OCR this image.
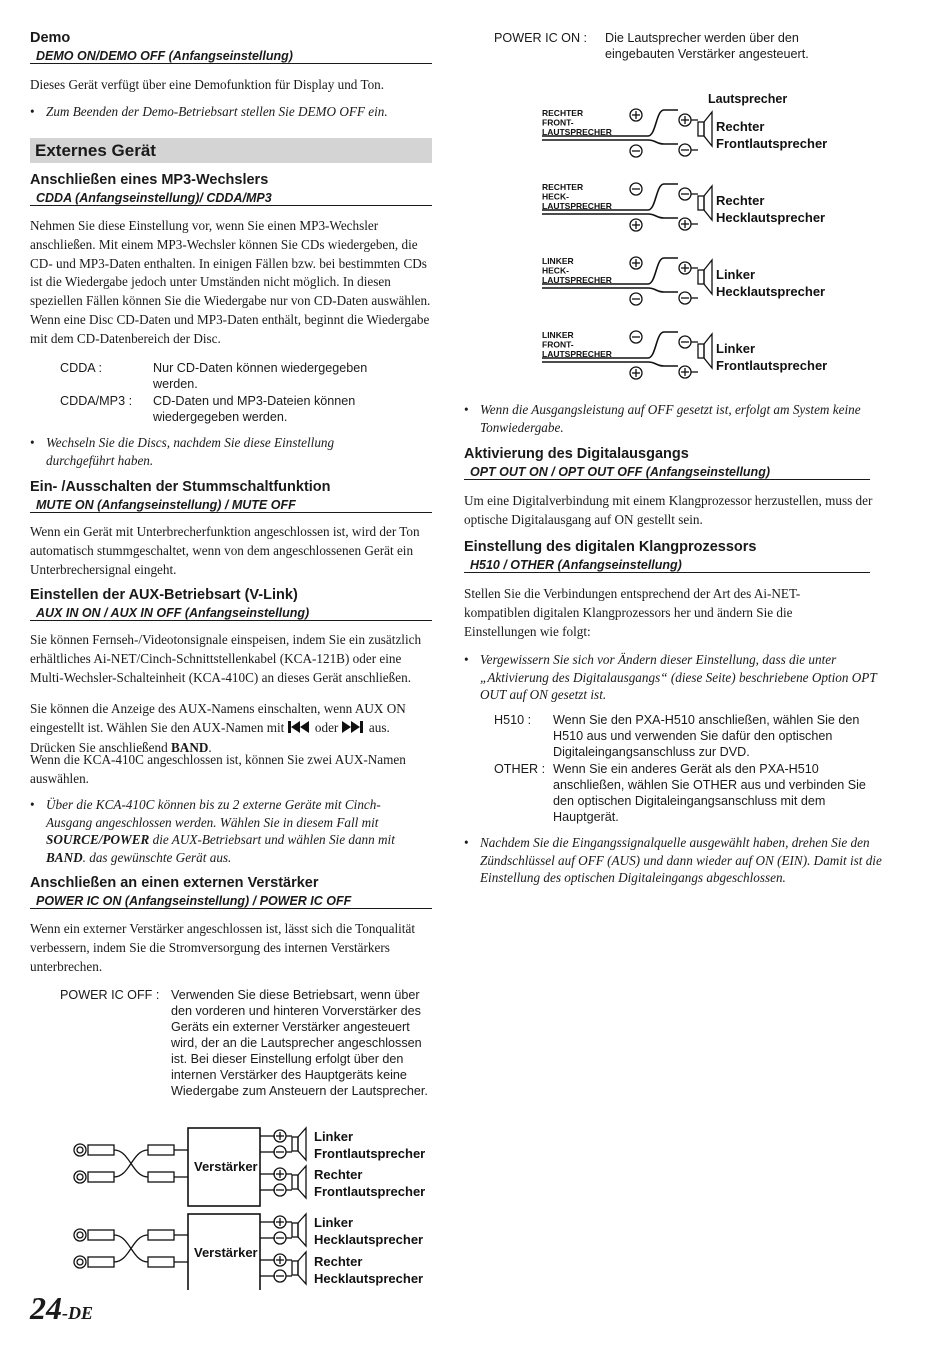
Demo
DEMO ON/DEMO OFF (Anfangseinstellung)
Dieses Gerät verfügt über eine Demofunktion für Display und Ton.
• Zum Beenden der Demo-Betriebsart stellen Sie DEMO OFF ein.
Externes Gerät
Anschließen eines MP3-Wechslers
CDDA (Anfangseinstellung)/ CDDA/MP3
Nehmen Sie diese Einstellung vor, wenn Sie einen MP3-Wechsler anschließen. Mit einem MP3-Wechsler können Sie CDs wiedergeben, die CD- und MP3-Daten enthalten. In einigen Fällen bzw. bei bestimmten CDs ist die Wiedergabe jedoch unter Umständen nicht möglich. In diesen speziellen Fällen können Sie die Wiedergabe nur von CD-Daten auswählen. Wenn eine Disc CD-Daten und MP3-Daten enthält, beginnt die Wiedergabe mit dem CD-Datenbereich der Disc.
CDDA :	Nur CD-Daten können wiedergegeben werden.
CDDA/MP3 : CD-Daten und MP3-Dateien können wiedergegeben werden.
• Wechseln Sie die Discs, nachdem Sie diese Einstellung durchgeführt haben.
Ein- /Ausschalten der Stummschaltfunktion
MUTE ON (Anfangseinstellung) / MUTE OFF
Wenn ein Gerät mit Unterbrecherfunktion angeschlossen ist, wird der Ton automatisch stummgeschaltet, wenn von dem angeschlossenen Gerät ein Unterbrechersignal eingeht.
Einstellen der AUX-Betriebsart (V-Link)
AUX IN ON / AUX IN OFF (Anfangseinstellung)
Sie können Fernseh-/Videotonsignale einspeisen, indem Sie ein zusätzlich erhältliches Ai-NET/Cinch-Schnittstellenkabel (KCA-121B) oder eine Multi-Wechsler-Schalteinheit (KCA-410C) an dieses Gerät anschließen.
Sie können die Anzeige des AUX-Namens einschalten, wenn AUX ON eingestellt ist. Wählen Sie den AUX-Namen mit oder aus. Drücken Sie anschließend BAND.
Wenn die KCA-410C angeschlossen ist, können Sie zwei AUX-Namen auswählen.
• Über die KCA-410C können bis zu 2 externe Geräte mit Cinch-Ausgang angeschlossen werden. Wählen Sie in diesem Fall mit SOURCE/POWER die AUX-Betriebsart und wählen Sie dann mit BAND. das gewünschte Gerät aus.
Anschließen an einen externen Verstärker
POWER IC ON (Anfangseinstellung) / POWER IC OFF
Wenn ein externer Verstärker angeschlossen ist, lässt sich die Tonqualität verbessern, indem Sie die Stromversorgung des internen Verstärkers unterbrechen.
POWER IC OFF : Verwenden Sie diese Betriebsart, wenn über den vorderen und hinteren Vorverstärker des Geräts ein externer Verstärker angesteuert wird, der an die Lautsprecher angeschlossen ist. Bei dieser Einstellung erfolgt über den internen Verstärker des Hauptgeräts keine Wiedergabe zum Ansteuern der Lautsprecher.
Verstärker
Verstärker
Linker
Frontlautsprecher
Rechter
Frontlautsprecher
Linker
Hecklautsprecher
Rechter
Hecklautsprecher
POWER IC ON : Die Lautsprecher werden über den eingebauten Verstärker angesteuert.
Lautsprecher
RECHTER
FRONT-
LAUTSPRECHER	Rechter
Frontlautsprecher
RECHTER
HECK-
LAUTSPRECHER	Rechter
Hecklautsprecher
LINKER
HECK-
LAUTSPRECHER	Linker
Hecklautsprecher
LINKER
FRONT-
LAUTSPRECHER	Linker
Frontlautsprecher
• Wenn die Ausgangsleistung auf OFF gesetzt ist, erfolgt am System keine Tonwiedergabe.
Aktivierung des Digitalausgangs
OPT OUT ON / OPT OUT OFF (Anfangseinstellung)
Um eine Digitalverbindung mit einem Klangprozessor herzustellen, muss der optische Digitalausgang auf ON gestellt sein.
Einstellung des digitalen Klangprozessors
H510 / OTHER (Anfangseinstellung)
Stellen Sie die Verbindungen entsprechend der Art des Ai-NET-kompatiblen digitalen Klangprozessors her und ändern Sie die Einstellungen wie folgt:
• Vergewissern Sie sich vor Ändern dieser Einstellung, dass die unter „Aktivierung des Digitalausgangs“ (diese Seite) beschriebene Option OPT OUT auf ON gesetzt ist.
H510 : Wenn Sie den PXA-H510 anschließen, wählen Sie den H510 aus und verwenden Sie dafür den optischen Digitaleingangsanschluss zur DVD.
OTHER : Wenn Sie ein anderes Gerät als den PXA-H510 anschließen, wählen Sie OTHER aus und verbinden Sie den optischen Digitaleingangsanschluss mit dem Hauptgerät.
• Nachdem Sie die Eingangssignalquelle ausgewählt haben, drehen Sie den Zündschlüssel auf OFF (AUS) und dann wieder auf ON (EIN). Damit ist die Einstellung des optischen Digitaleingangs abgeschlossen.
24-DE
